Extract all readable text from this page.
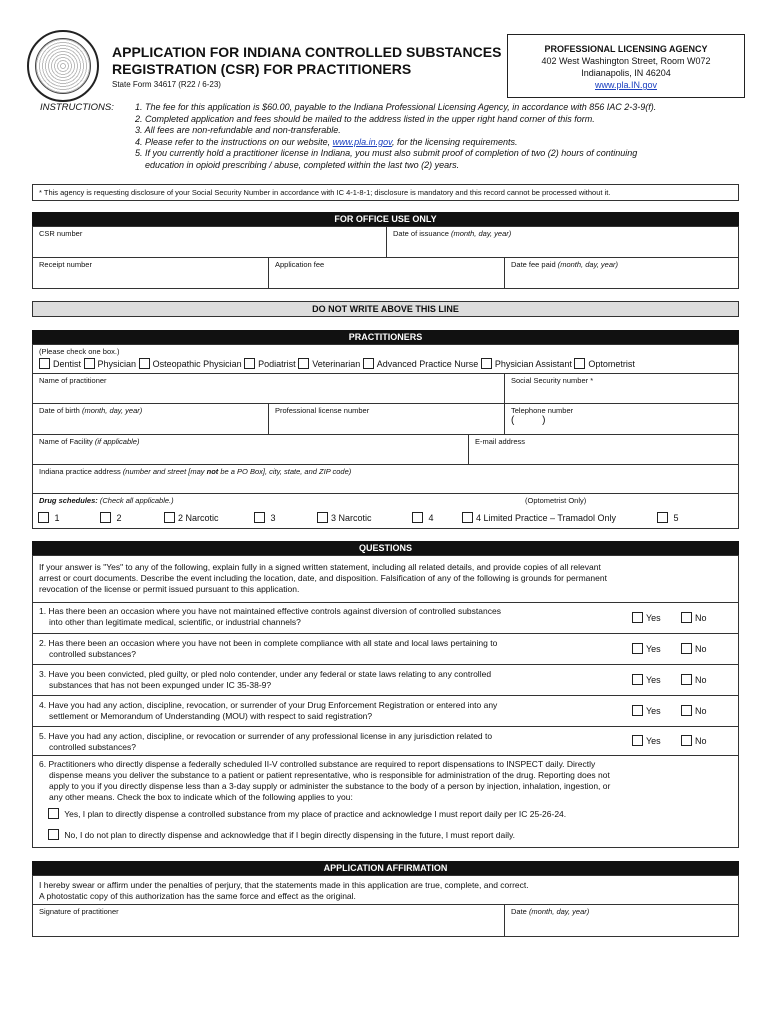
APPLICATION FOR INDIANA CONTROLLED SUBSTANCES
REGISTRATION (CSR) FOR PRACTITIONERS
State Form 34617 (R22 / 6-23)
PROFESSIONAL LICENSING AGENCY
402 West Washington Street, Room W072
Indianapolis, IN 46204
www.pla.IN.gov
INSTRUCTIONS: 1. The fee for this application is $60.00, payable to the Indiana Professional Licensing Agency, in accordance with 856 IAC 2-3-9(f).
2. Completed application and fees should be mailed to the address listed in the upper right hand corner of this form.
3. All fees are non-refundable and non-transferable.
4. Please refer to the instructions on our website, www.pla.in.gov, for the licensing requirements.
5. If you currently hold a practitioner license in Indiana, you must also submit proof of completion of two (2) hours of continuing
education in opioid prescribing / abuse, completed within the last two (2) years.
* This agency is requesting disclosure of your Social Security Number in accordance with IC 4-1-8-1; disclosure is mandatory and this record cannot be processed without it.
FOR OFFICE USE ONLY
CSR number	Date of issuance (month, day, year)
Receipt number	Application fee	Date fee paid (month, day, year)
DO NOT WRITE ABOVE THIS LINE
PRACTITIONERS
(Please check one box.)
Dentist Physician Osteopathic Physician Podiatrist Veterinarian Advanced Practice Nurse Physician Assistant Optometrist
Name of practitioner	Social Security number *
Date of birth (month, day, year)	Professional license number	Telephone number
(          )
Name of Facility (if applicable)	E-mail address
Indiana practice address (number and street [may not be a PO Box], city, state, and ZIP code)
Drug schedules: (Check all applicable.)	(Optometrist Only)
1	2	2 Narcotic	3	3 Narcotic	4	4 Limited Practice – Tramadol Only	5
QUESTIONS
If your answer is "Yes" to any of the following, explain fully in a signed written statement, including all related details, and provide copies of all relevant
arrest or court documents. Describe the event including the location, date, and disposition. Falsification of any of the following is grounds for permanent
revocation of the license or permit issued pursuant to this application.
1. Has there been an occasion where you have not maintained effective controls against diversion of controlled substances
into other than legitimate medical, scientific, or industrial channels?	Yes	No
2. Has there been an occasion where you have not been in complete compliance with all state and local laws pertaining to
controlled substances?	Yes	No
3. Have you been convicted, pled guilty, or pled nolo contender, under any federal or state laws relating to any controlled
substances that has not been expunged under IC 35-38-9?	Yes	No
4. Have you had any action, discipline, revocation, or surrender of your Drug Enforcement Registration or entered into any
settlement or Memorandum of Understanding (MOU) with respect to said registration?	Yes	No
5. Have you had any action, discipline, or revocation or surrender of any professional license in any jurisdiction related to
controlled substances?
Yes	No
6. Practitioners who directly dispense a federally scheduled II-V controlled substance are required to report dispensations to INSPECT daily. Directly
dispense means you deliver the substance to a patient or patient representative, who is responsible for administration of the drug. Reporting does not
apply to you if you directly dispense less than a 3-day supply or administer the substance to the body of a person by injection, inhalation, ingestion, or
any other means. Check the box to indicate which of the following applies to you:
Yes, I plan to directly dispense a controlled substance from my place of practice and acknowledge I must report daily per IC 25-26-24.
No, I do not plan to directly dispense and acknowledge that if I begin directly dispensing in the future, I must report daily.
APPLICATION AFFIRMATION
I hereby swear or affirm under the penalties of perjury, that the statements made in this application are true, complete, and correct.
A photostatic copy of this authorization has the same force and effect as the original.
Signature of practitioner	Date (month, day, year)
